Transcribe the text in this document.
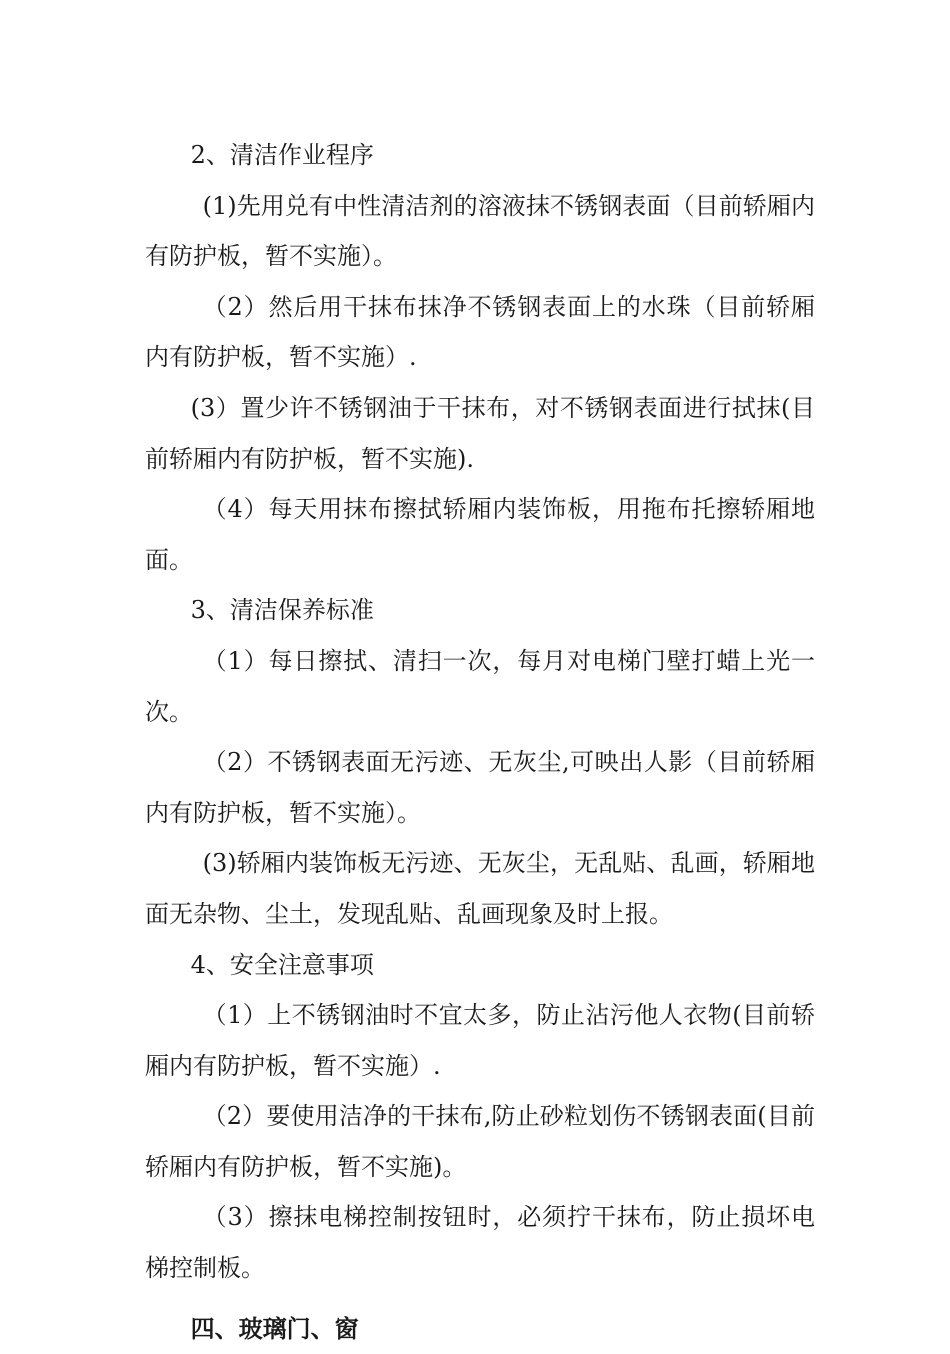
2、清洁作业程序

(1)先用兑有中性清洁剂的溶液抹不锈钢表面（目前轿厢内有防护板，暂不实施）。

（2）然后用干抹布抹净不锈钢表面上的水珠（目前轿厢内有防护板，暂不实施）.

(3）置少许不锈钢油于干抹布，对不锈钢表面进行拭抹(目前轿厢内有防护板，暂不实施).

（4）每天用抹布擦拭轿厢内装饰板，用拖布托擦轿厢地面。

3、清洁保养标准

（1）每日擦拭、清扫一次，每月对电梯门壁打蜡上光一次。

（2）不锈钢表面无污迹、无灰尘,可映出人影（目前轿厢内有防护板，暂不实施）。

(3)轿厢内装饰板无污迹、无灰尘，无乱贴、乱画，轿厢地面无杂物、尘土，发现乱贴、乱画现象及时上报。

4、安全注意事项

（1）上不锈钢油时不宜太多，防止沾污他人衣物(目前轿厢内有防护板，暂不实施）.

（2）要使用洁净的干抹布,防止砂粒划伤不锈钢表面(目前轿厢内有防护板，暂不实施)。

（3）擦抹电梯控制按钮时，必须拧干抹布，防止损坏电梯控制板。

四、玻璃门、窗
